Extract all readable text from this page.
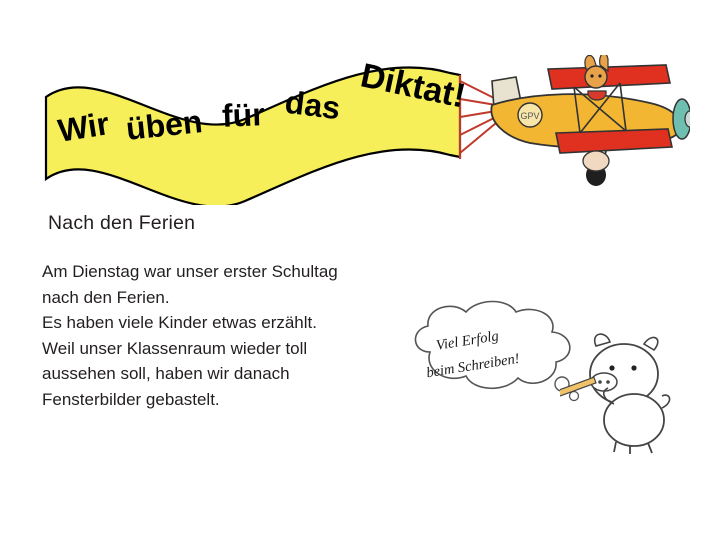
GPV
Wir üben für das Diktat!
Nach den Ferien
Am Dienstag war unser erster Schultag
nach den Ferien.
Es haben viele Kinder etwas erzählt.
Weil unser Klassenraum wieder toll
aussehen soll, haben wir danach
Fensterbilder gebastelt.
Viel Erfolg
beim Schreiben!
